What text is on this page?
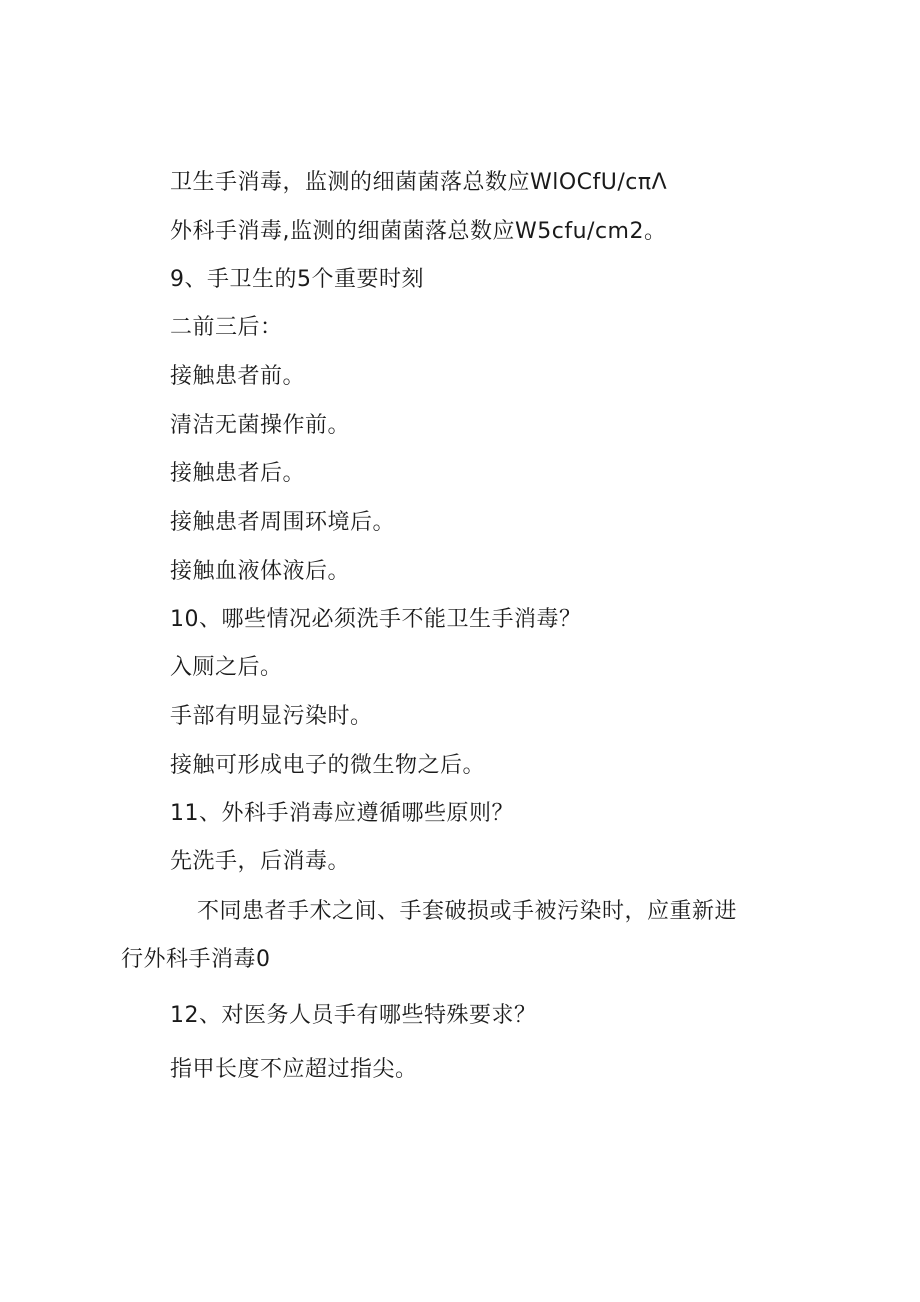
卫生手消毒，监测的细菌菌落总数应WlOCfU/cπΛ
外科手消毒,监测的细菌菌落总数应W5cfu/cm2。
9、手卫生的5个重要时刻
二前三后：
接触患者前。
清洁无菌操作前。
接触患者后。
接触患者周围环境后。
接触血液体液后。
10、哪些情况必须洗手不能卫生手消毒？
入厕之后。
手部有明显污染时。
接触可形成电子的微生物之后。
11、外科手消毒应遵循哪些原则？
先洗手，后消毒。
不同患者手术之间、手套破损或手被污染时，应重新进
行外科手消毒0
12、对医务人员手有哪些特殊要求？
指甲长度不应超过指尖。
